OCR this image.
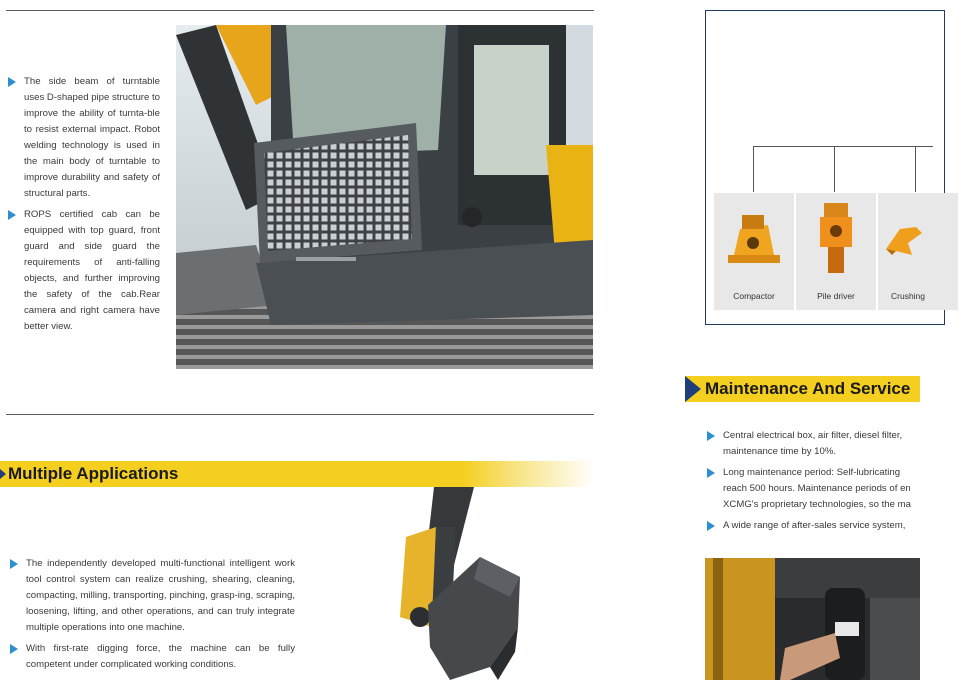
The side beam of turntable uses D-shaped pipe structure to improve the ability of turnta-ble to resist external impact. Robot welding technology is used in the main body of turntable to improve durability and safety of structural parts.
ROPS certified cab can be equipped with top guard, front guard and side guard the requirements of anti-falling objects, and further improving the safety of the cab.Rear camera and right camera have better view.
Multiple Applications
The independently developed multi-functional intelligent work tool control system can realize crushing, shearing, cleaning, compacting, milling, transporting, pinching, grasp-ing, scraping, loosening, lifting, and other operations, and can truly integrate multiple operations into one machine.
With first-rate digging force, the machine can be fully competent under complicated working conditions.
Compactor	Pile driver	Crushing
Maintenance And Service
Central electrical box, air filter, diesel filter, maintenance time by 10%.
Long maintenance period: Self-lubricating reach 500 hours. Maintenance periods of en XCMG's proprietary technologies, so the ma
A wide range of after-sales service system,
